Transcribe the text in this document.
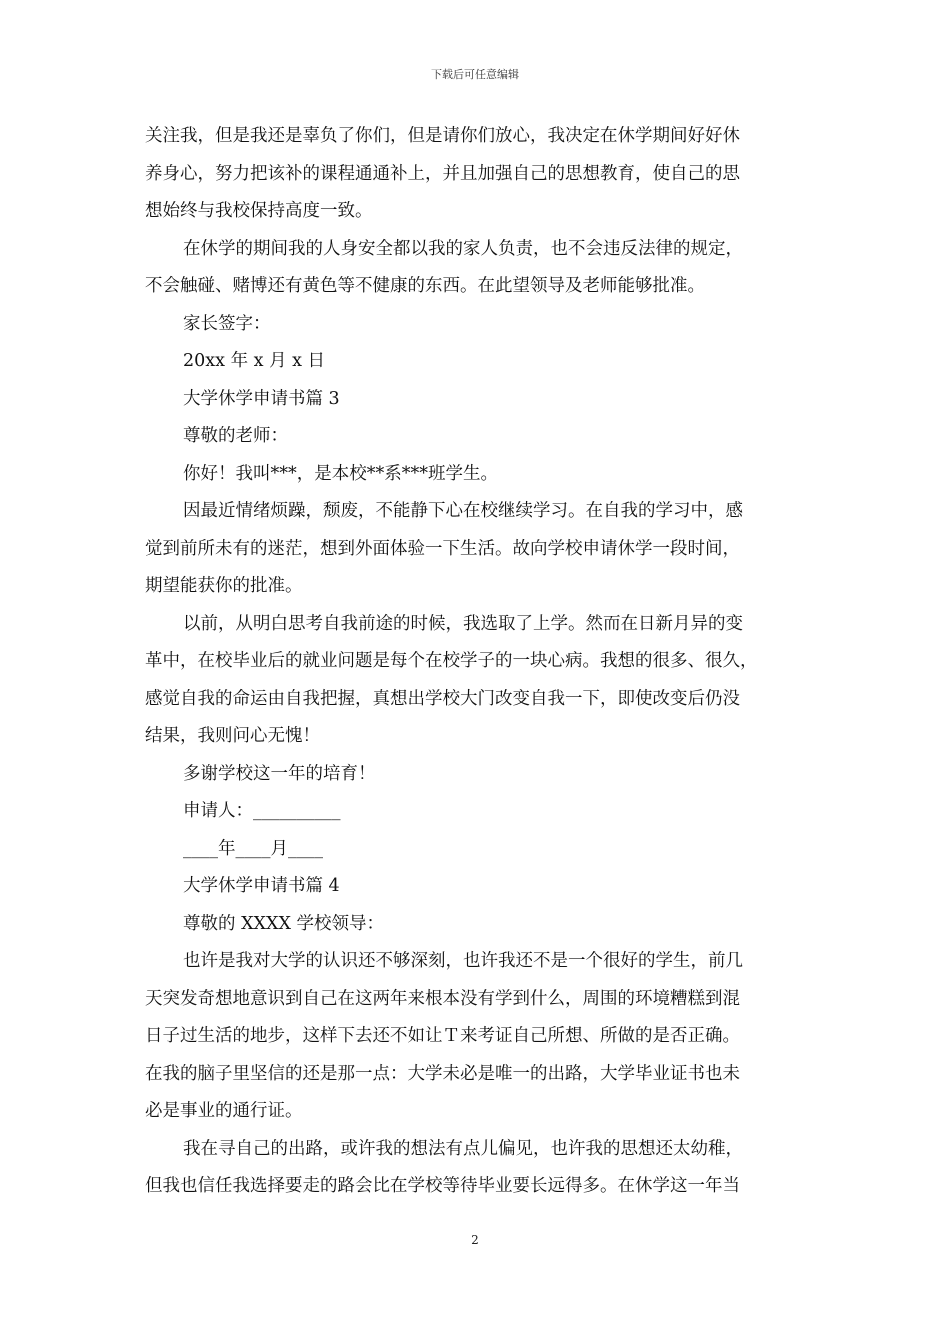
下载后可任意编辑
关注我，但是我还是辜负了你们，但是请你们放心，我决定在休学期间好好休
养身心，努力把该补的课程通通补上，并且加强自己的思想教育，使自己的思
想始终与我校保持高度一致。
在休学的期间我的人身安全都以我的家人负责，也不会违反法律的规定，
不会触碰、赌博还有黄色等不健康的东西。在此望领导及老师能够批准。
家长签字：
20xx 年 x 月 x 日
大学休学申请书篇 3
尊敬的老师：
你好！我叫***，是本校**系***班学生。
因最近情绪烦躁，颓废，不能静下心在校继续学习。在自我的学习中，感
觉到前所未有的迷茫，想到外面体验一下生活。故向学校申请休学一段时间，
期望能获你的批准。
以前，从明白思考自我前途的时候，我选取了上学。然而在日新月异的变
革中，在校毕业后的就业问题是每个在校学子的一块心病。我想的很多、很久，
感觉自我的命运由自我把握，真想出学校大门改变自我一下，即使改变后仍没
结果，我则问心无愧！
多谢学校这一年的培育！
申请人：__________
____年____月____
大学休学申请书篇 4
尊敬的 XXXX 学校领导：
也许是我对大学的认识还不够深刻，也许我还不是一个很好的学生，前几
天突发奇想地意识到自己在这两年来根本没有学到什么，周围的环境糟糕到混
日子过生活的地步，这样下去还不如让Ｔ来考证自己所想、所做的是否正确。
在我的脑子里坚信的还是那一点：大学未必是唯一的出路，大学毕业证书也未
必是事业的通行证。
我在寻自己的出路，或许我的想法有点儿偏见，也许我的思想还太幼稚，
但我也信任我选择要走的路会比在学校等待毕业要长远得多。在休学这一年当
2
